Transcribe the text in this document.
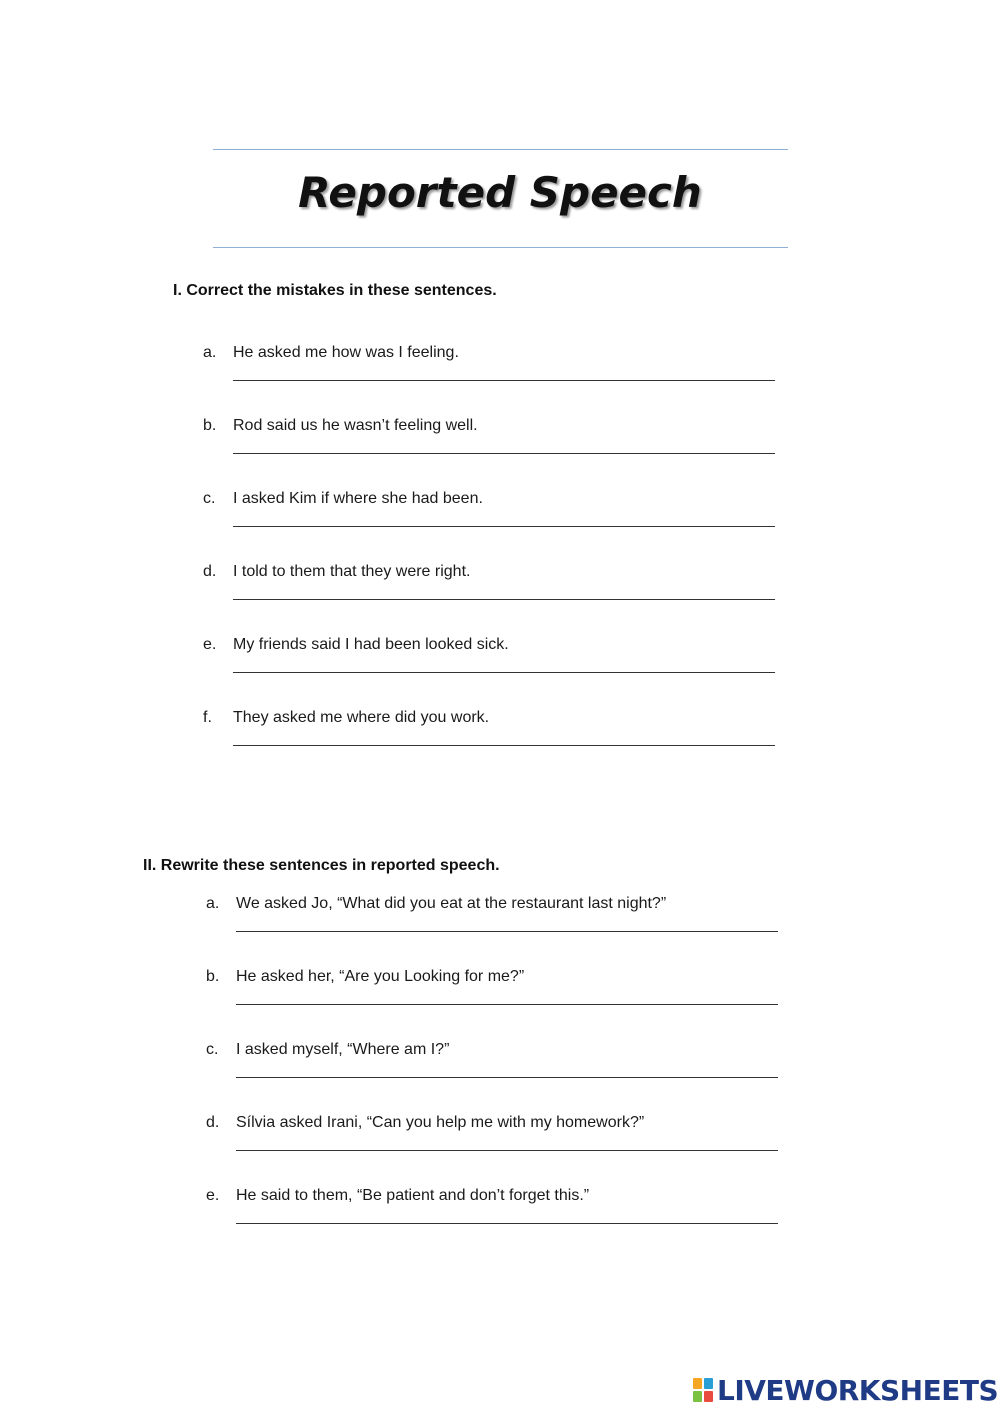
Reported Speech
I. Correct the mistakes in these sentences.
a. He asked me how was I feeling.
b. Rod said us he wasn’t feeling well.
c. I asked Kim if where she had been.
d. I told to them that they were right.
e. My friends said I had been looked sick.
f. They asked me where did you work.
II. Rewrite these sentences in reported speech.
a. We asked Jo, “What did you eat at the restaurant last night?”
b. He asked her, “Are you Looking for me?”
c. I asked myself, “Where am I?”
d. Sílvia asked Irani, “Can you help me with my homework?”
e. He said to them, “Be patient and don’t forget this.”
LIVEWORKSHEETS
